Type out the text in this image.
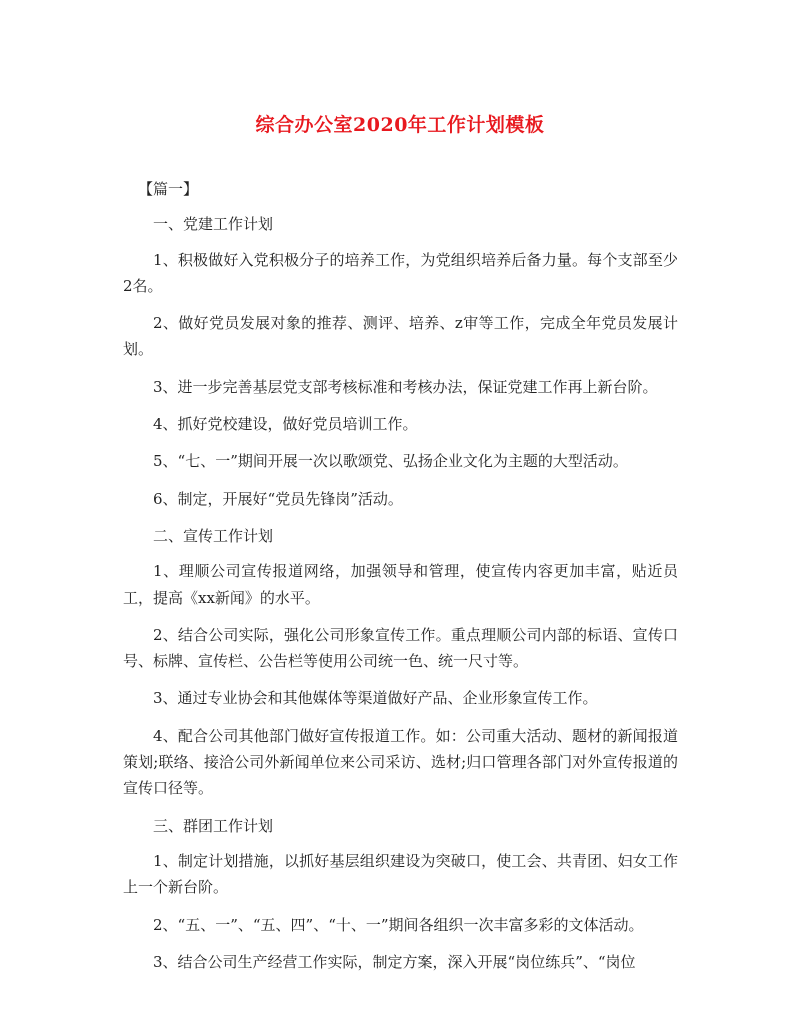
综合办公室2020年工作计划模板

【篇一】

一、党建工作计划

1、积极做好入党积极分子的培养工作，为党组织培养后备力量。每个支部至少2名。

2、做好党员发展对象的推荐、测评、培养、z审等工作，完成全年党员发展计划。

3、进一步完善基层党支部考核标准和考核办法，保证党建工作再上新台阶。

4、抓好党校建设，做好党员培训工作。

5、“七、一”期间开展一次以歌颂党、弘扬企业文化为主题的大型活动。

6、制定，开展好“党员先锋岗”活动。

二、宣传工作计划

1、理顺公司宣传报道网络，加强领导和管理，使宣传内容更加丰富，贴近员工，提高《xx新闻》的水平。

2、结合公司实际，强化公司形象宣传工作。重点理顺公司内部的标语、宣传口号、标牌、宣传栏、公告栏等使用公司统一色、统一尺寸等。

3、通过专业协会和其他媒体等渠道做好产品、企业形象宣传工作。

4、配合公司其他部门做好宣传报道工作。如：公司重大活动、题材的新闻报道策划;联络、接洽公司外新闻单位来公司采访、选材;归口管理各部门对外宣传报道的宣传口径等。

三、群团工作计划

1、制定计划措施，以抓好基层组织建设为突破口，使工会、共青团、妇女工作上一个新台阶。

2、“五、一”、“五、四”、“十、一”期间各组织一次丰富多彩的文体活动。

3、结合公司生产经营工作实际，制定方案，深入开展“岗位练兵”、“岗位
